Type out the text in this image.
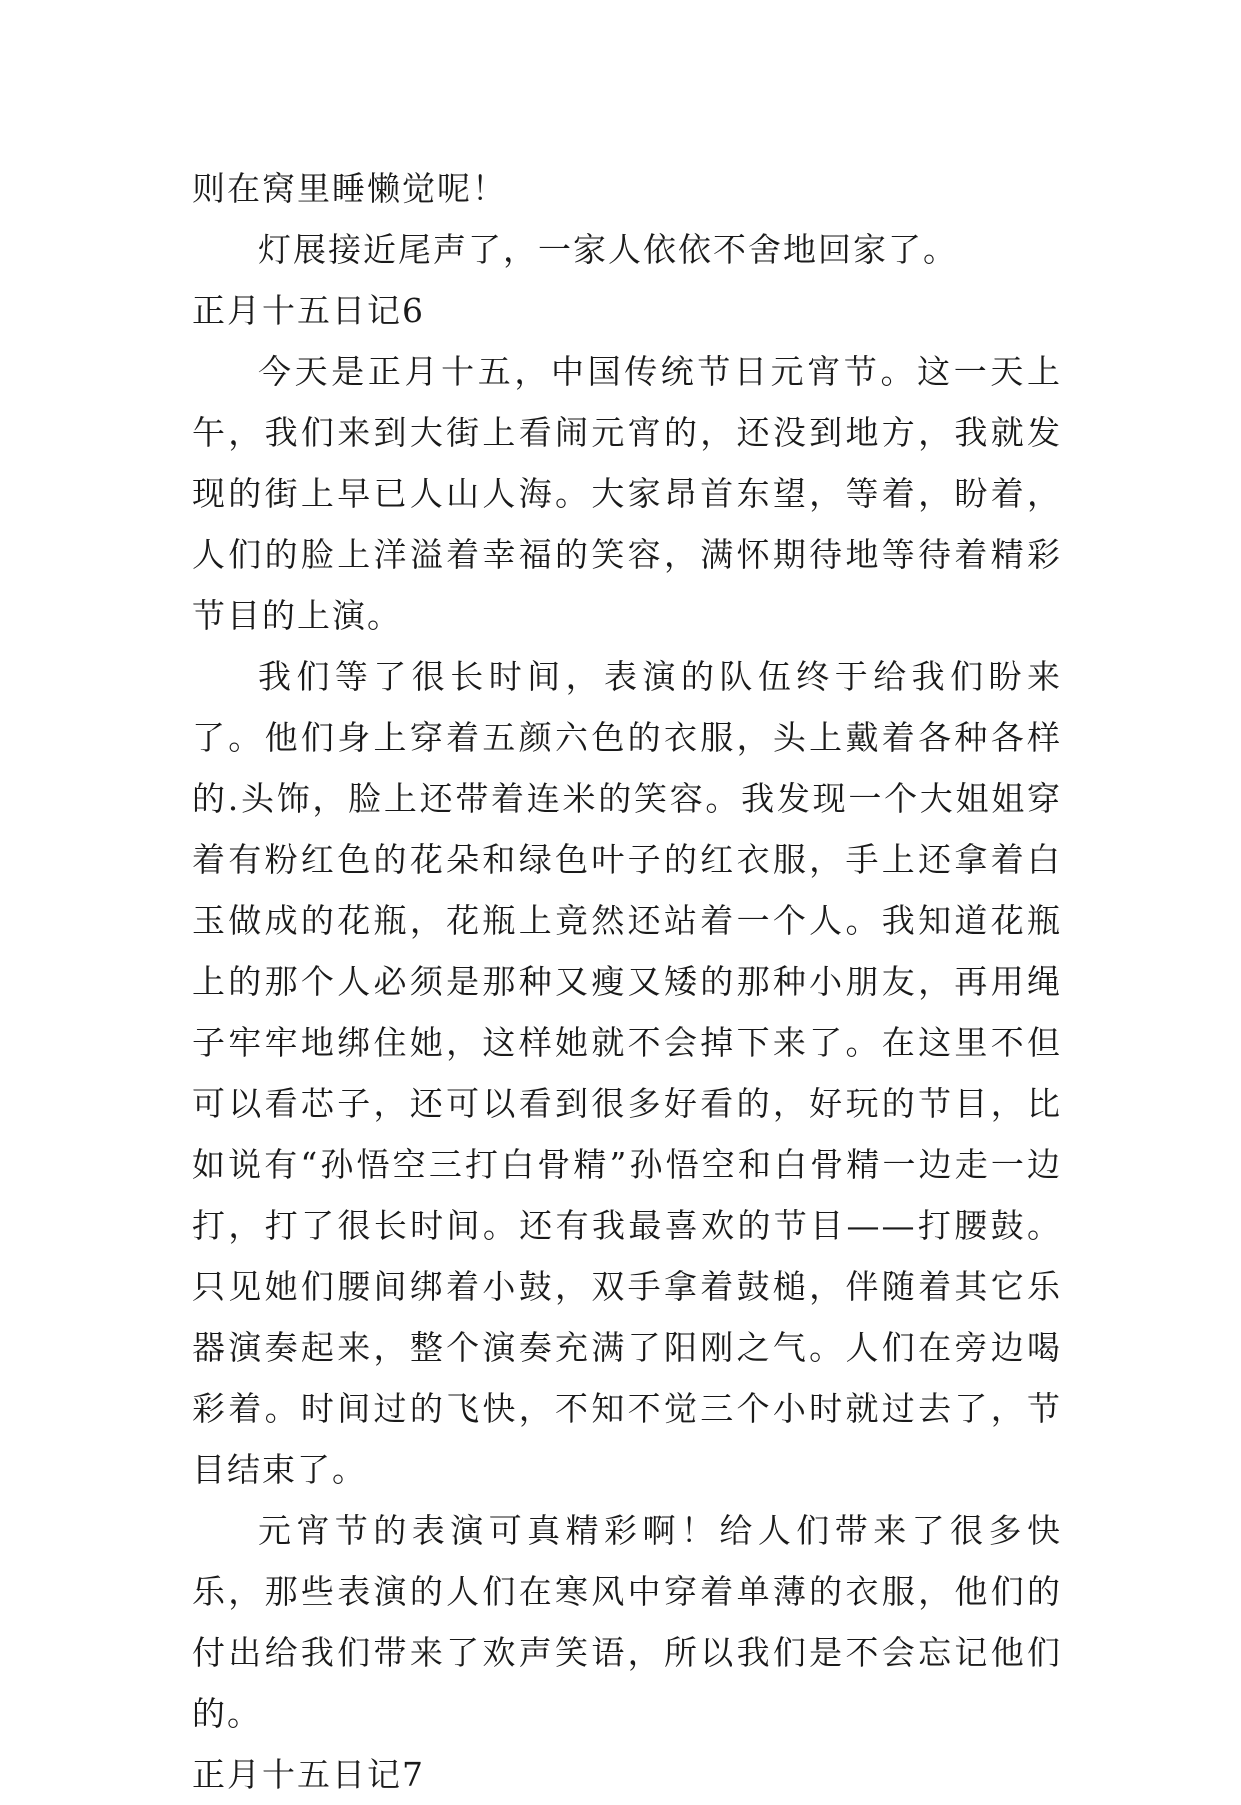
则在窝里睡懒觉呢！

灯展接近尾声了，一家人依依不舍地回家了。

正月十五日记6

今天是正月十五，中国传统节日元宵节。这一天上午，我们来到大街上看闹元宵的，还没到地方，我就发现的街上早已人山人海。大家昂首东望，等着，盼着，人们的脸上洋溢着幸福的笑容，满怀期待地等待着精彩节目的上演。

我们等了很长时间，表演的队伍终于给我们盼来了。他们身上穿着五颜六色的衣服，头上戴着各种各样的.头饰，脸上还带着连米的笑容。我发现一个大姐姐穿着有粉红色的花朵和绿色叶子的红衣服，手上还拿着白玉做成的花瓶，花瓶上竟然还站着一个人。我知道花瓶上的那个人必须是那种又瘦又矮的那种小朋友，再用绳子牢牢地绑住她，这样她就不会掉下来了。在这里不但可以看芯子，还可以看到很多好看的，好玩的节目，比如说有“孙悟空三打白骨精”孙悟空和白骨精一边走一边打，打了很长时间。还有我最喜欢的节目——打腰鼓。只见她们腰间绑着小鼓，双手拿着鼓槌，伴随着其它乐器演奏起来，整个演奏充满了阳刚之气。人们在旁边喝彩着。时间过的飞快，不知不觉三个小时就过去了，节目结束了。

元宵节的表演可真精彩啊！给人们带来了很多快乐，那些表演的人们在寒风中穿着单薄的衣服，他们的付出给我们带来了欢声笑语，所以我们是不会忘记他们的。

正月十五日记7
